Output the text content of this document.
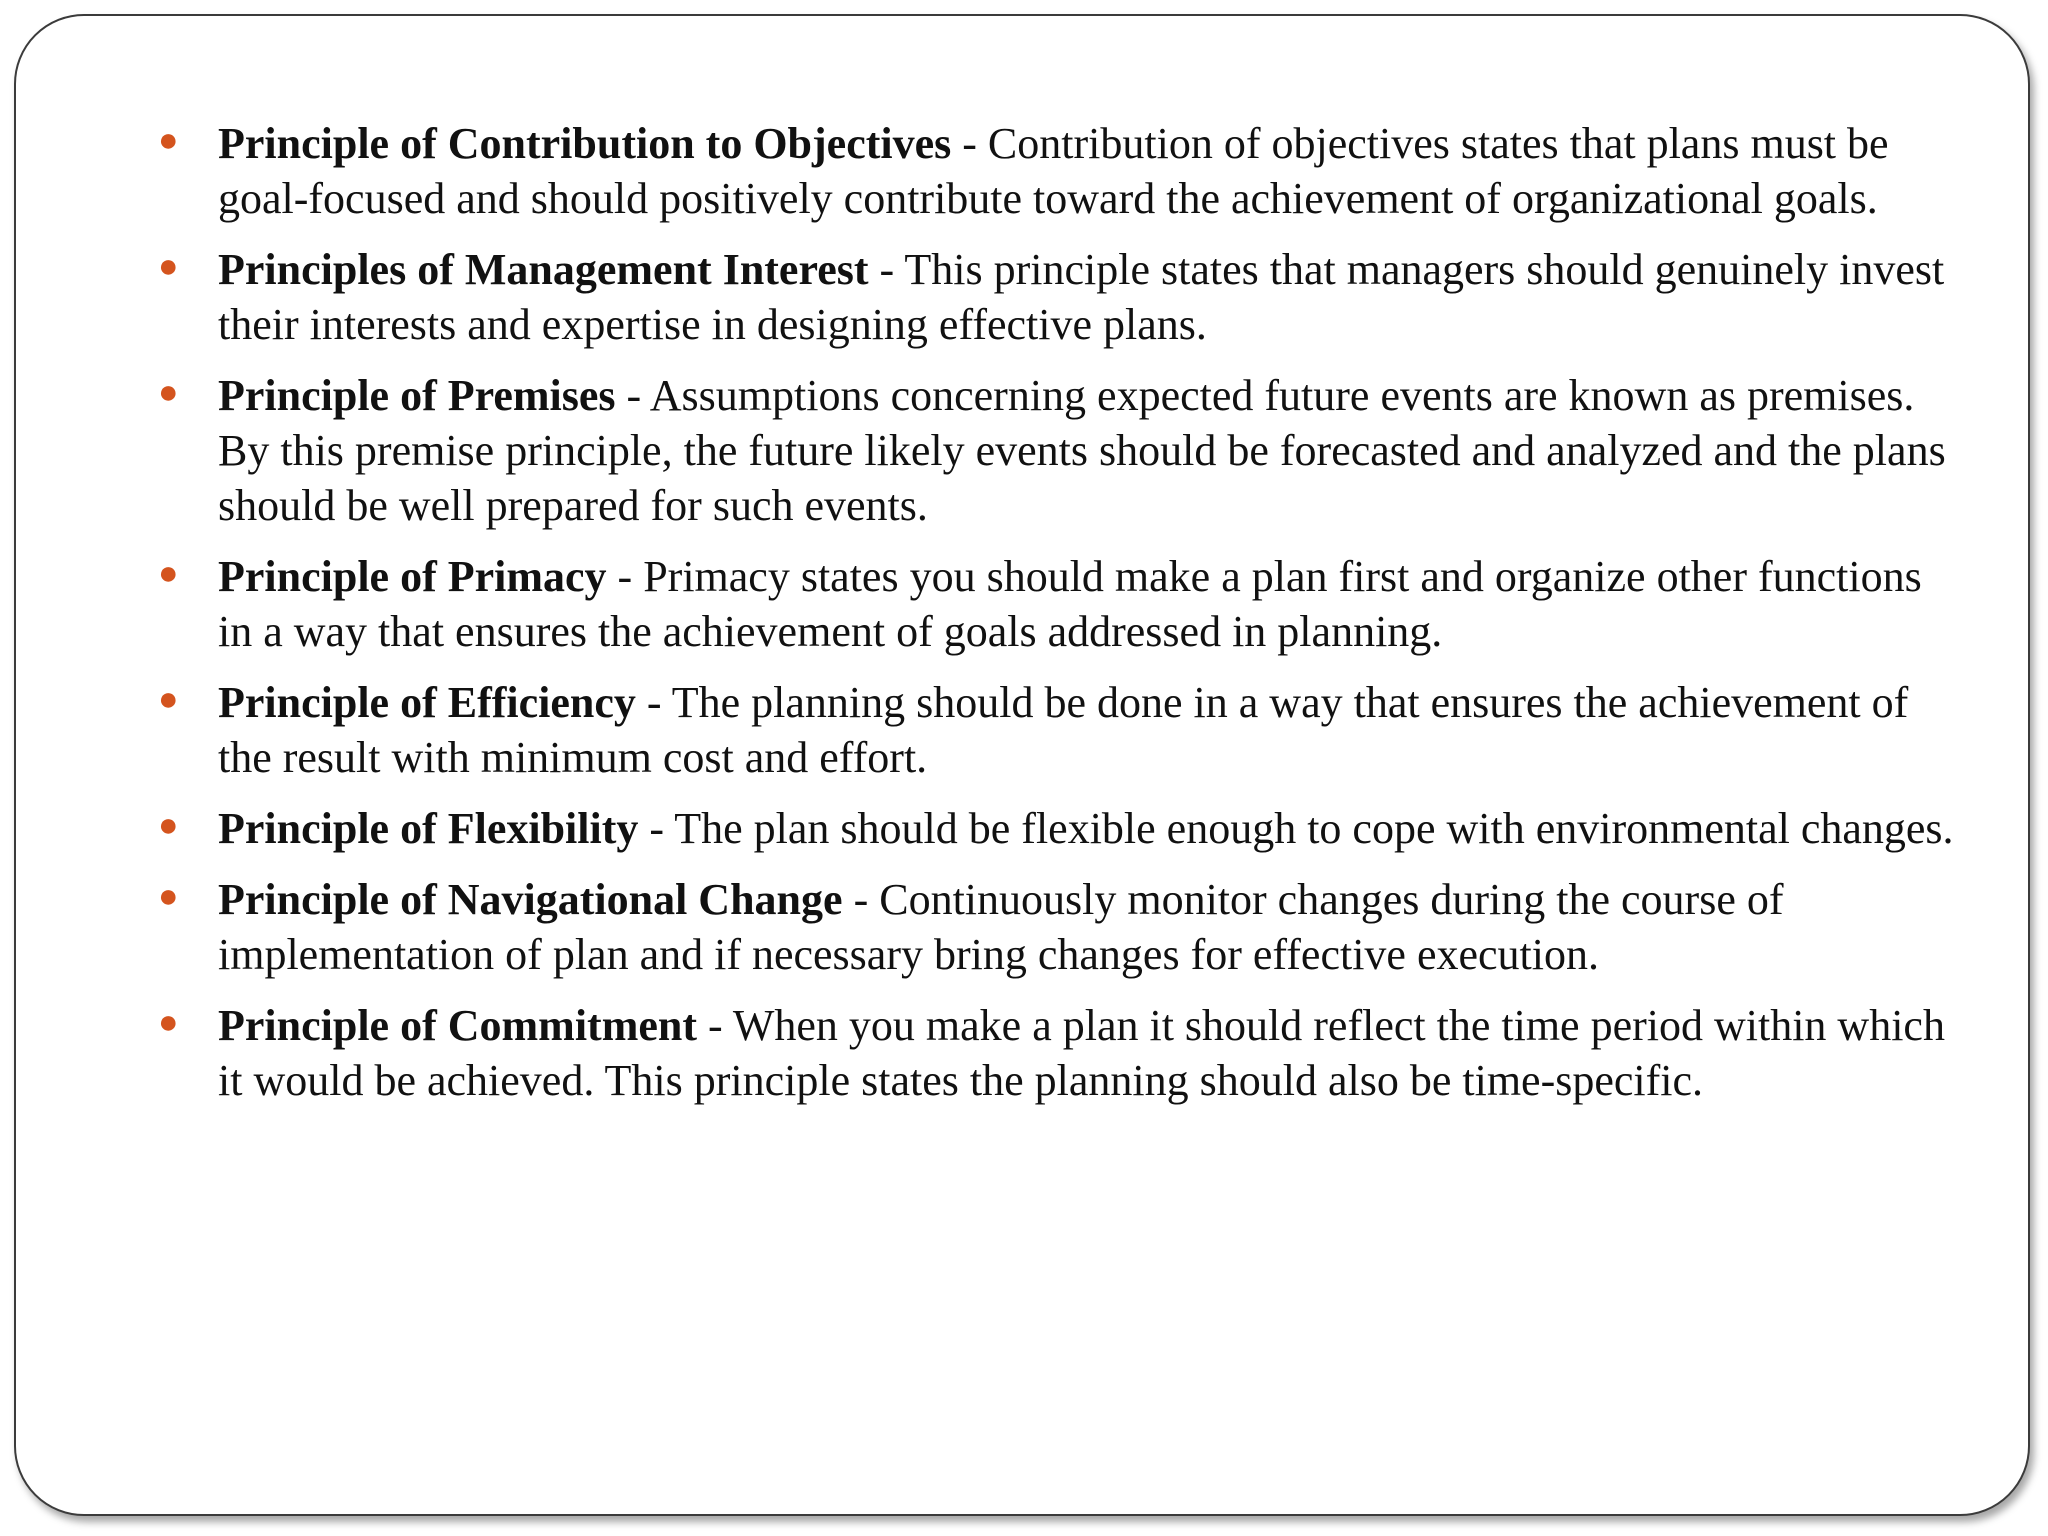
● Principle of Contribution to Objectives - Contribution of objectives states that plans must be goal-focused and should positively contribute toward the achievement of organizational goals.
● Principles of Management Interest - This principle states that managers should genuinely invest their interests and expertise in designing effective plans.
● Principle of Premises - Assumptions concerning expected future events are known as premises. By this premise principle, the future likely events should be forecasted and analyzed and the plans should be well prepared for such events.
● Principle of Primacy - Primacy states you should make a plan first and organize other functions in a way that ensures the achievement of goals addressed in planning.
● Principle of Efficiency - The planning should be done in a way that ensures the achievement of the result with minimum cost and effort.
● Principle of Flexibility - The plan should be flexible enough to cope with environmental changes.
● Principle of Navigational Change - Continuously monitor changes during the course of implementation of plan and if necessary bring changes for effective execution.
● Principle of Commitment - When you make a plan it should reflect the time period within which it would be achieved. This principle states the planning should also be time-specific.
